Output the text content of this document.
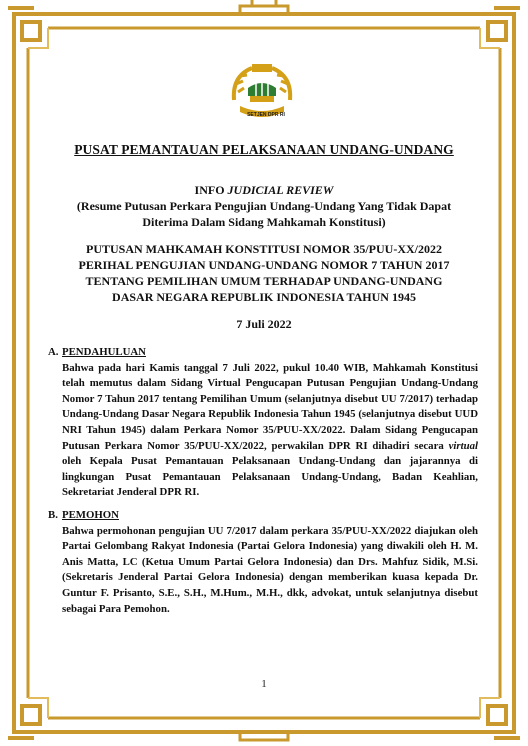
SETJEN DPR RI
PUSAT PEMANTAUAN PELAKSANAAN UNDANG-UNDANG
INFO JUDICIAL REVIEW
(Resume Putusan Perkara Pengujian Undang-Undang Yang Tidak Dapat Diterima Dalam Sidang Mahkamah Konstitusi)
PUTUSAN MAHKAMAH KONSTITUSI NOMOR 35/PUU-XX/2022 PERIHAL PENGUJIAN UNDANG-UNDANG NOMOR 7 TAHUN 2017 TENTANG PEMILIHAN UMUM TERHADAP UNDANG-UNDANG DASAR NEGARA REPUBLIK INDONESIA TAHUN 1945
7 Juli 2022
A. PENDAHULUAN
Bahwa pada hari Kamis tanggal 7 Juli 2022, pukul 10.40 WIB, Mahkamah Konstitusi telah memutus dalam Sidang Virtual Pengucapan Putusan Pengujian Undang-Undang Nomor 7 Tahun 2017 tentang Pemilihan Umum (selanjutnya disebut UU 7/2017) terhadap Undang-Undang Dasar Negara Republik Indonesia Tahun 1945 (selanjutnya disebut UUD NRI Tahun 1945) dalam Perkara Nomor 35/PUU-XX/2022. Dalam Sidang Pengucapan Putusan Perkara Nomor 35/PUU-XX/2022, perwakilan DPR RI dihadiri secara virtual oleh Kepala Pusat Pemantauan Pelaksanaan Undang-Undang dan jajarannya di lingkungan Pusat Pemantauan Pelaksanaan Undang-Undang, Badan Keahlian, Sekretariat Jenderal DPR RI.
B. PEMOHON
Bahwa permohonan pengujian UU 7/2017 dalam perkara 35/PUU-XX/2022 diajukan oleh Partai Gelombang Rakyat Indonesia (Partai Gelora Indonesia) yang diwakili oleh H. M. Anis Matta, LC (Ketua Umum Partai Gelora Indonesia) dan Drs. Mahfuz Sidik, M.Si. (Sekretaris Jenderal Partai Gelora Indonesia) dengan memberikan kuasa kepada Dr. Guntur F. Prisanto, S.E., S.H., M.Hum., M.H., dkk, advokat, untuk selanjutnya disebut sebagai Para Pemohon.
1
